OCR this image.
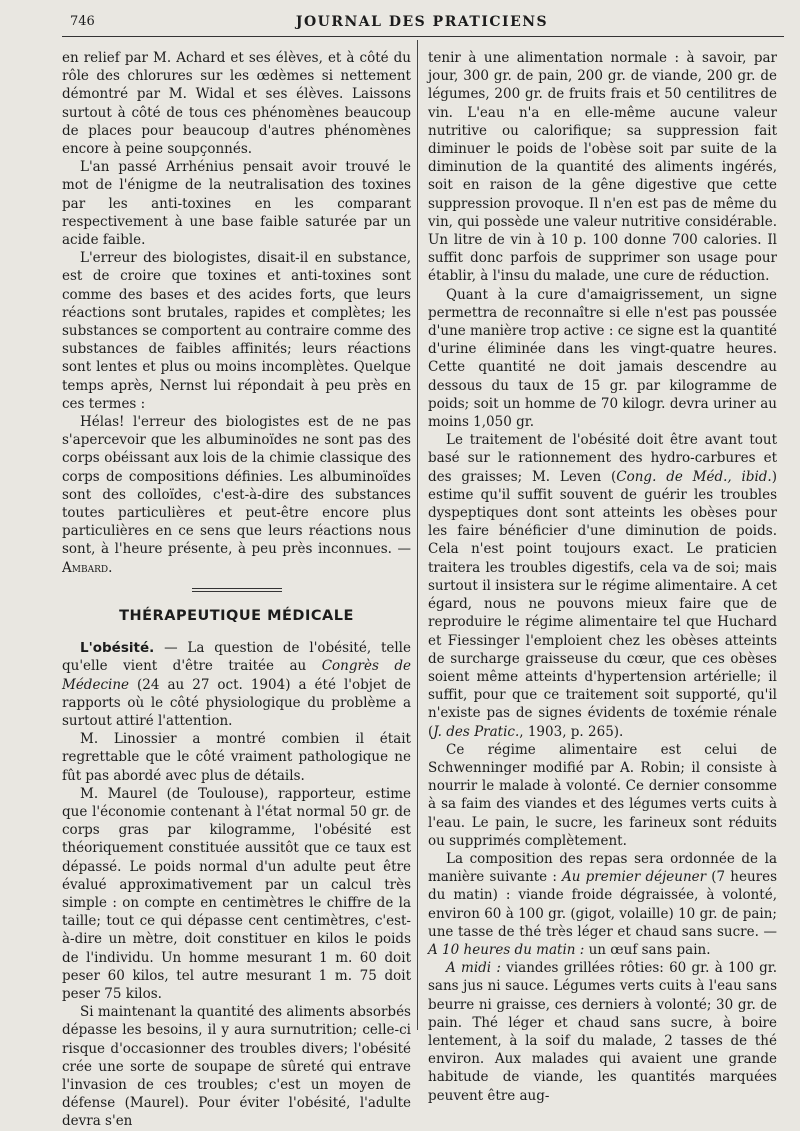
746	JOURNAL DES PRATICIENS

en relief par M. Achard et ses élèves, et à côté du rôle des chlorures sur les œdèmes si nettement démontré par M. Widal et ses élèves. Laissons surtout à côté de tous ces phénomènes beaucoup de places pour beaucoup d'autres phénomènes encore à peine soupçonnés.

L'an passé Arrhénius pensait avoir trouvé le mot de l'énigme de la neutralisation des toxines par les anti-toxines en les comparant respectivement à une base faible saturée par un acide faible.

L'erreur des biologistes, disait-il en substance, est de croire que toxines et anti-toxines sont comme des bases et des acides forts, que leurs réactions sont brutales, rapides et complètes; les substances se comportent au contraire comme des substances de faibles affinités; leurs réactions sont lentes et plus ou moins incomplètes. Quelque temps après, Nernst lui répondait à peu près en ces termes :

Hélas! l'erreur des biologistes est de ne pas s'apercevoir que les albuminoïdes ne sont pas des corps obéissant aux lois de la chimie classique des corps de compositions définies. Les albuminoïdes sont des colloïdes, c'est-à-dire des substances toutes particulières et peut-être encore plus particulières en ce sens que leurs réactions nous sont, à l'heure présente, à peu près inconnues. — Ambard.

THÉRAPEUTIQUE MÉDICALE

L'obésité. — La question de l'obésité, telle qu'elle vient d'être traitée au Congrès de Médecine (24 au 27 oct. 1904) a été l'objet de rapports où le côté physiologique du problème a surtout attiré l'attention.

M. Linossier a montré combien il était regrettable que le côté vraiment pathologique ne fût pas abordé avec plus de détails.

M. Maurel (de Toulouse), rapporteur, estime que l'économie contenant à l'état normal 50 gr. de corps gras par kilogramme, l'obésité est théoriquement constituée aussitôt que ce taux est dépassé. Le poids normal d'un adulte peut être évalué approximativement par un calcul très simple : on compte en centimètres le chiffre de la taille; tout ce qui dépasse cent centimètres, c'est-à-dire un mètre, doit constituer en kilos le poids de l'individu. Un homme mesurant 1 m. 60 doit peser 60 kilos, tel autre mesurant 1 m. 75 doit peser 75 kilos.

Si maintenant la quantité des aliments absorbés dépasse les besoins, il y aura surnutrition; celle-ci risque d'occasionner des troubles divers; l'obésité crée une sorte de soupape de sûreté qui entrave l'invasion de ces troubles; c'est un moyen de défense (Maurel). Pour éviter l'obésité, l'adulte devra s'en

tenir à une alimentation normale : à savoir, par jour, 300 gr. de pain, 200 gr. de viande, 200 gr. de légumes, 200 gr. de fruits frais et 50 centilitres de vin. L'eau n'a en elle-même aucune valeur nutritive ou calorifique; sa suppression fait diminuer le poids de l'obèse soit par suite de la diminution de la quantité des aliments ingérés, soit en raison de la gêne digestive que cette suppression provoque. Il n'en est pas de même du vin, qui possède une valeur nutritive considérable. Un litre de vin à 10 p. 100 donne 700 calories. Il suffit donc parfois de supprimer son usage pour établir, à l'insu du malade, une cure de réduction.

Quant à la cure d'amaigrissement, un signe permettra de reconnaître si elle n'est pas poussée d'une manière trop active : ce signe est la quantité d'urine éliminée dans les vingt-quatre heures. Cette quantité ne doit jamais descendre au dessous du taux de 15 gr. par kilogramme de poids; soit un homme de 70 kilogr. devra uriner au moins 1,050 gr.

Le traitement de l'obésité doit être avant tout basé sur le rationnement des hydro-carbures et des graisses; M. Leven (Cong. de Méd., ibid.) estime qu'il suffit souvent de guérir les troubles dyspeptiques dont sont atteints les obèses pour les faire bénéficier d'une diminution de poids. Cela n'est point toujours exact. Le praticien traitera les troubles digestifs, cela va de soi; mais surtout il insistera sur le régime alimentaire. A cet égard, nous ne pouvons mieux faire que de reproduire le régime alimentaire tel que Huchard et Fiessinger l'emploient chez les obèses atteints de surcharge graisseuse du cœur, que ces obèses soient même atteints d'hypertension artérielle; il suffit, pour que ce traitement soit supporté, qu'il n'existe pas de signes évidents de toxémie rénale (J. des Pratic., 1903, p. 265).

Ce régime alimentaire est celui de Schwenninger modifié par A. Robin; il consiste à nourrir le malade à volonté. Ce dernier consomme à sa faim des viandes et des légumes verts cuits à l'eau. Le pain, le sucre, les farineux sont réduits ou supprimés complètement.

La composition des repas sera ordonnée de la manière suivante : Au premier déjeuner (7 heures du matin) : viande froide dégraissée, à volonté, environ 60 à 100 gr. (gigot, volaille) 10 gr. de pain; une tasse de thé très léger et chaud sans sucre. — A 10 heures du matin : un œuf sans pain.

A midi : viandes grillées rôties: 60 gr. à 100 gr. sans jus ni sauce. Légumes verts cuits à l'eau sans beurre ni graisse, ces derniers à volonté; 30 gr. de pain. Thé léger et chaud sans sucre, à boire lentement, à la soif du malade, 2 tasses de thé environ. Aux malades qui avaient une grande habitude de viande, les quantités marquées peuvent être aug-
